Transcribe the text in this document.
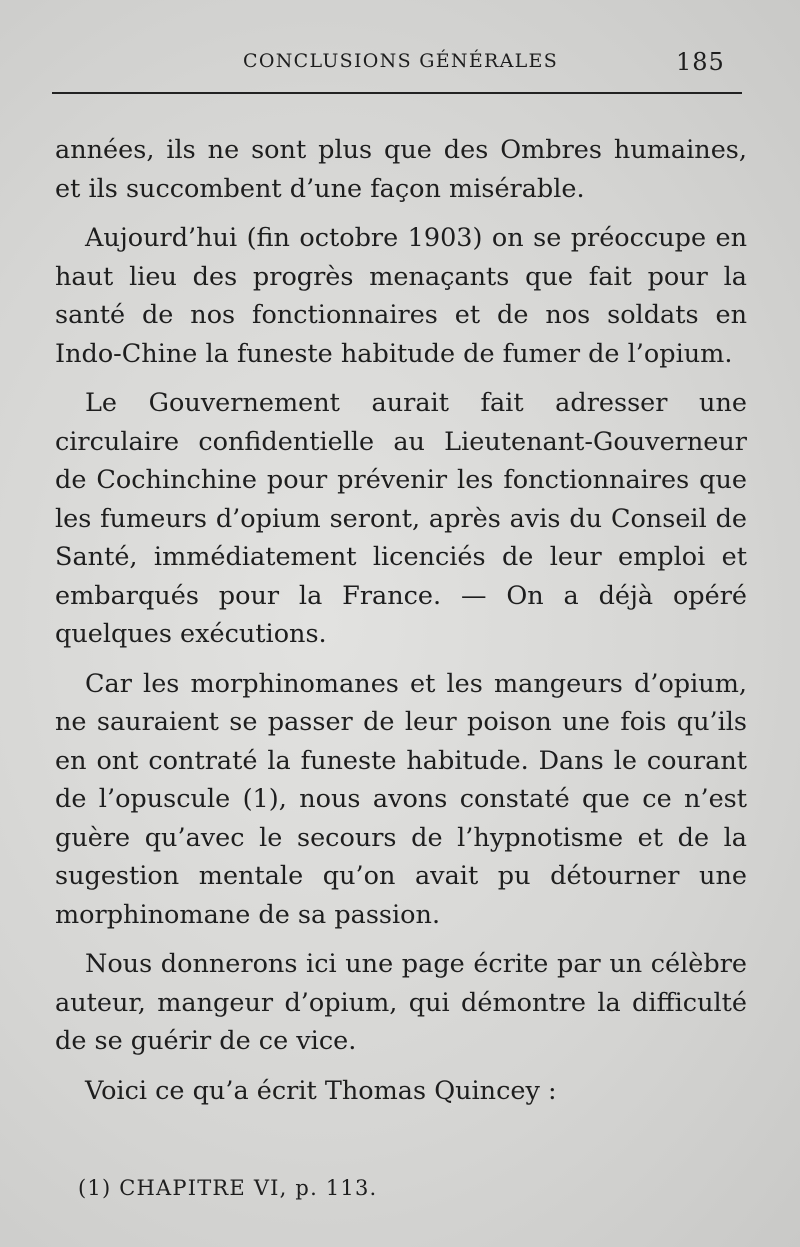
CONCLUSIONS GÉNÉRALES	185

années, ils ne sont plus que des Ombres humaines, et ils succombent d’une façon misérable.

Aujourd’hui (fin octobre 1903) on se préoccupe en haut lieu des progrès menaçants que fait pour la santé de nos fonctionnaires et de nos soldats en Indo-Chine la funeste habitude de fumer de l’opium.

Le Gouvernement aurait fait adresser une circulaire confidentielle au Lieutenant-Gouverneur de Cochinchine pour prévenir les fonctionnaires que les fumeurs d’opium seront, après avis du Conseil de Santé, immédiatement licenciés de leur emploi et embarqués pour la France. — On a déjà opéré quelques exécutions.

Car les morphinomanes et les mangeurs d’opium, ne sauraient se passer de leur poison une fois qu’ils en ont contraté la funeste habitude. Dans le courant de l’opuscule (1), nous avons constaté que ce n’est guère qu’avec le secours de l’hypnotisme et de la sugestion mentale qu’on avait pu détourner une morphinomane de sa passion.

Nous donnerons ici une page écrite par un célèbre auteur, mangeur d’opium, qui démontre la difficulté de se guérir de ce vice.

Voici ce qu’a écrit Thomas Quincey :

(1) CHAPITRE VI, p. 113.
